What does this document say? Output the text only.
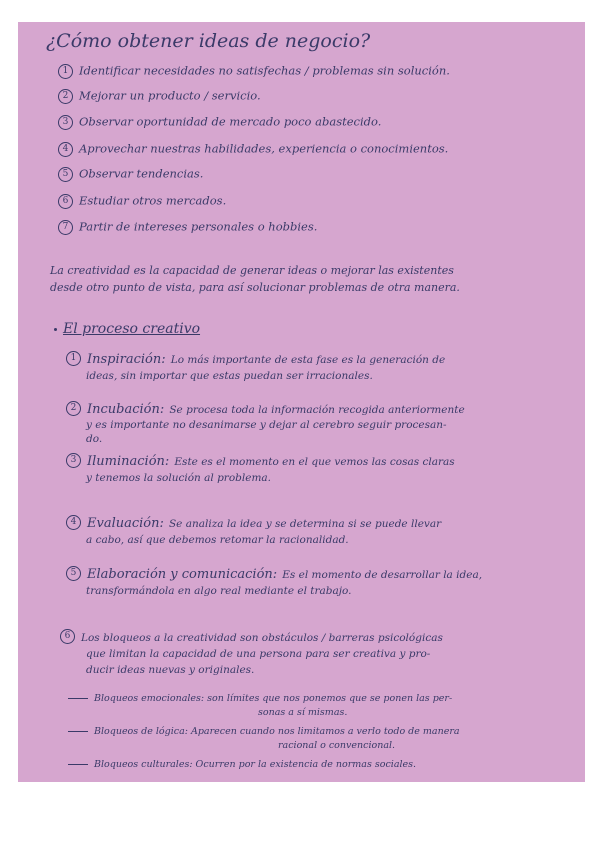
¿Cómo obtener ideas de negocio?
1 Identificar necesidades no satisfechas / problemas sin solución.
2 Mejorar un producto / servicio.
3 Observar oportunidad de mercado poco abastecido.
4 Aprovechar nuestras habilidades, experiencia o conocimientos.
5 Observar tendencias.
6 Estudiar otros mercados.
7 Partir de intereses personales o hobbies.
La creatividad es la capacidad de generar ideas o mejorar las existentes
desde otro punto de vista, para así solucionar problemas de otra manera.
El proceso creativo
1 Inspiración: Lo más importante de esta fase es la generación de
ideas, sin importar que estas puedan ser irracionales.
2 Incubación: Se procesa toda la información recogida anteriormente
y es importante no desanimarse y dejar al cerebro seguir procesan-
do.
3 Iluminación: Este es el momento en el que vemos las cosas claras
y tenemos la solución al problema.
4 Evaluación: Se analiza la idea y se determina si se puede llevar
a cabo, así que debemos retomar la racionalidad.
5 Elaboración y comunicación: Es el momento de desarrollar la idea,
transformándola en algo real mediante el trabajo.
6 Los bloqueos a la creatividad son obstáculos / barreras psicológicas
que limitan la capacidad de una persona para ser creativa y pro-
ducir ideas nuevas y originales.
Bloqueos emocionales: son límites que nos ponemos que se ponen las per-
sonas a sí mismas.
Bloqueos de lógica: Aparecen cuando nos limitamos a verlo todo de manera
racional o convencional.
Bloqueos culturales: Ocurren por la existencia de normas sociales.
